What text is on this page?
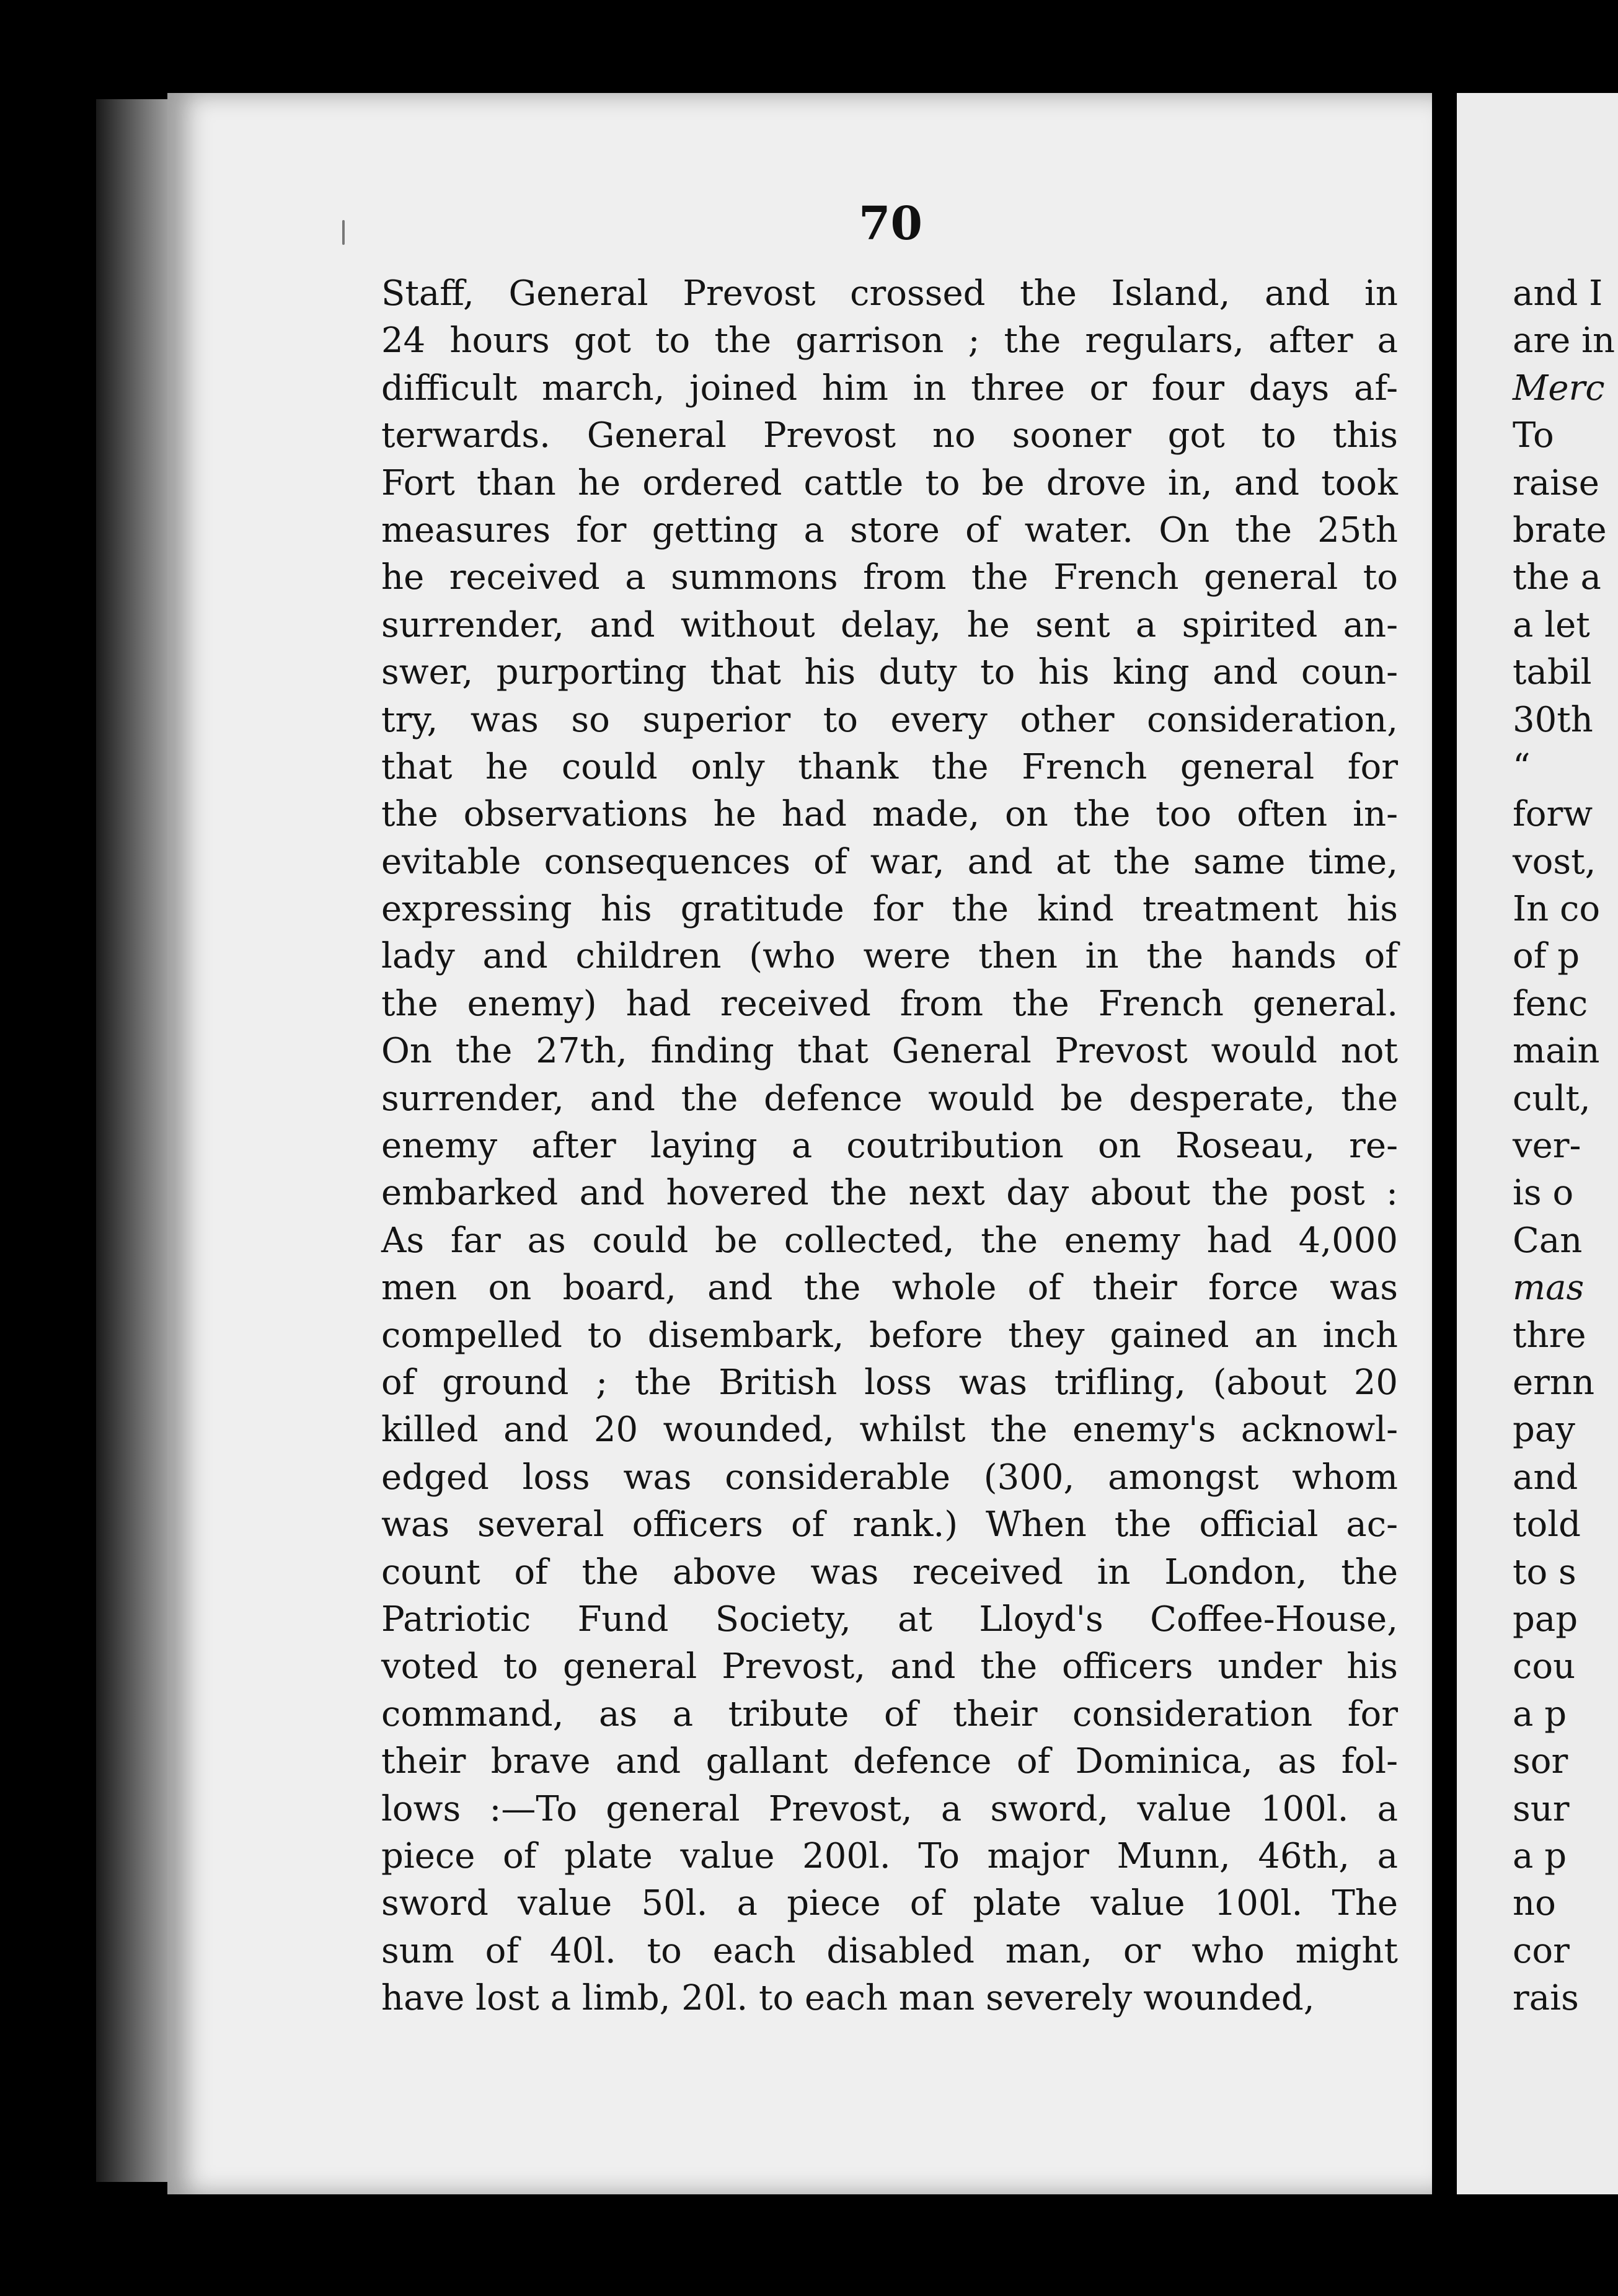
70
Staff, General Prevost crossed the Island, and in
24 hours got to the garrison ; the regulars, after a
difficult march, joined him in three or four days af-
terwards. General Prevost no sooner got to this
Fort than he ordered cattle to be drove in, and took
measures for getting a store of water. On the 25th
he received a summons from the French general to
surrender, and without delay, he sent a spirited an-
swer, purporting that his duty to his king and coun-
try, was so superior to every other consideration,
that he could only thank the French general for
the observations he had made, on the too often in-
evitable consequences of war, and at the same time,
expressing his gratitude for the kind treatment his
lady and children (who were then in the hands of
the enemy) had received from the French general.
On the 27th, finding that General Prevost would not
surrender, and the defence would be desperate, the
enemy after laying a coutribution on Roseau, re-
embarked and hovered the next day about the post :
As far as could be collected, the enemy had 4,000
men on board, and the whole of their force was
compelled to disembark, before they gained an inch
of ground ; the British loss was trifling, (about 20
killed and 20 wounded, whilst the enemy's acknowl-
edged loss was considerable (300, amongst whom
was several officers of rank.) When the official ac-
count of the above was received in London, the
Patriotic Fund Society, at Lloyd's Coffee-House,
voted to general Prevost, and the officers under his
command, as a tribute of their consideration for
their brave and gallant defence of Dominica, as fol-
lows :—To general Prevost, a sword, value 100l. a
piece of plate value 200l. To major Munn, 46th, a
sword value 50l. a piece of plate value 100l. The
sum of 40l. to each disabled man, or who might
have lost a limb, 20l. to each man severely wounded,
and I
are in
Merc
To
raise
brate
the a
a let
tabil
30th
“
forw
vost,
In co
of p
fenc
main
cult,
ver-
is o
Can
mas
thre
ernn
pay
and
told
to s
pap
cou
a p
sor
sur
a p
no
cor
rais
